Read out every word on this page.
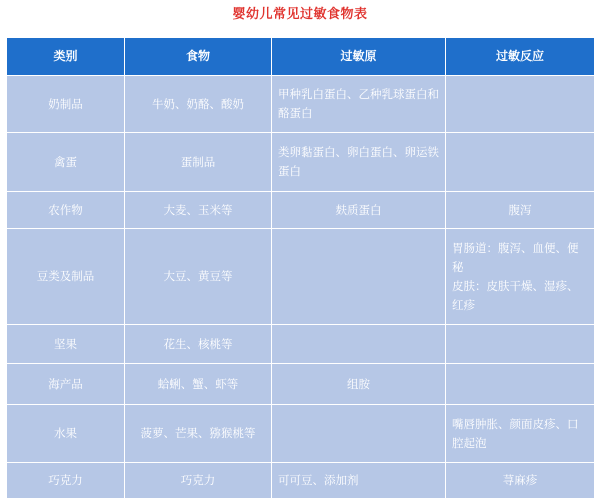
婴幼儿常见过敏食物表
类别	食物	过敏原	过敏反应
奶制品	牛奶、奶酪、酸奶	甲种乳白蛋白、乙种乳球蛋白和酪蛋白	
禽蛋	蛋制品	类卵黏蛋白、卵白蛋白、卵运铁蛋白	
农作物	大麦、玉米等	麸质蛋白	腹泻
豆类及制品	大豆、黄豆等		胃肠道：腹泻、血便、便秘
皮肤：皮肤干燥、湿疹、红疹
坚果	花生、核桃等		
海产品	蛤蜊、蟹、虾等	组胺	
水果	菠萝、芒果、猕猴桃等		嘴唇肿胀、颜面皮疹、口腔起泡
巧克力	巧克力	可可豆、添加剂	荨麻疹
